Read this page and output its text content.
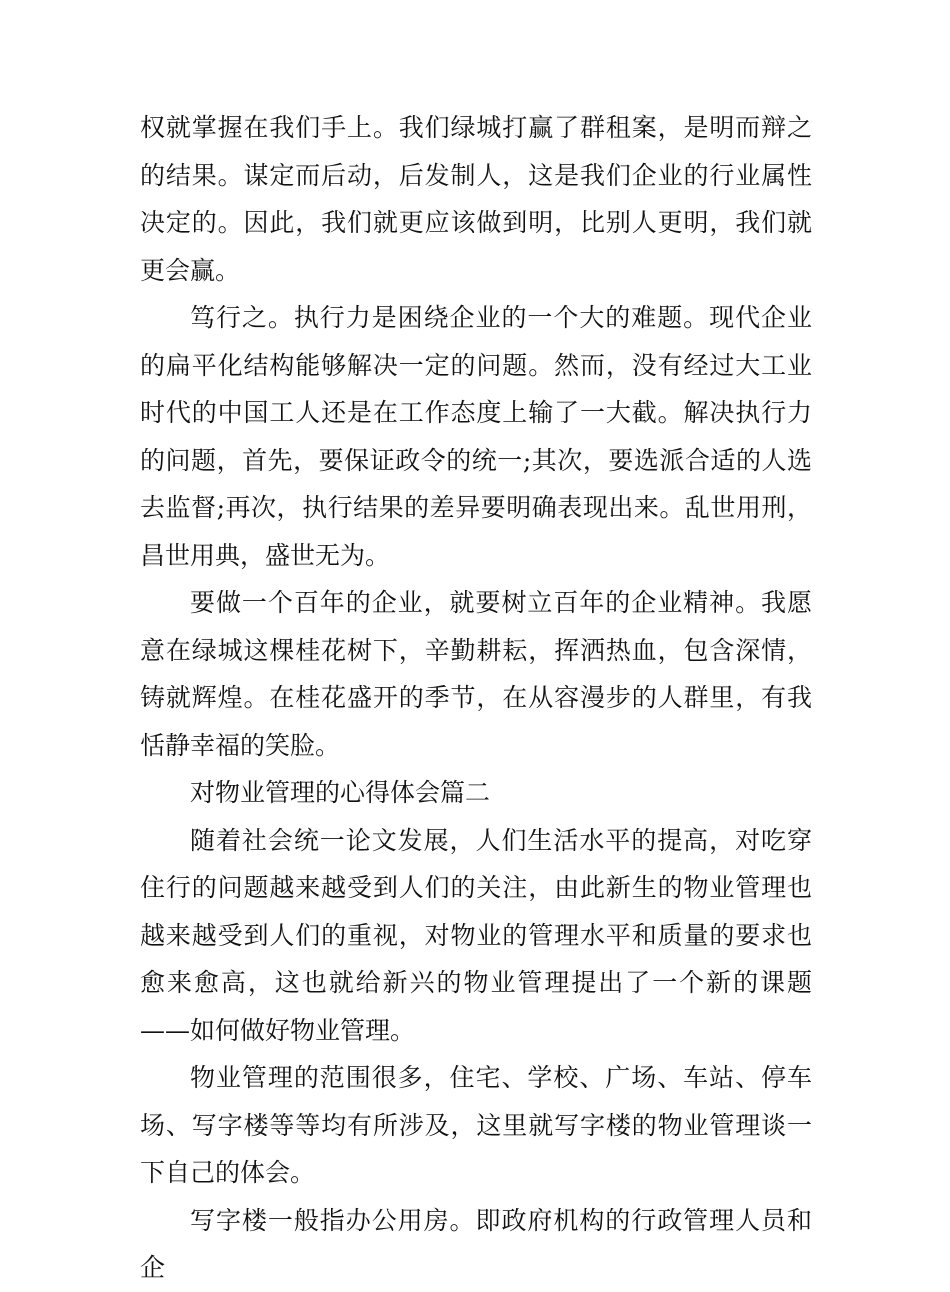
权就掌握在我们手上。我们绿城打赢了群租案，是明而辩之的结果。谋定而后动，后发制人，这是我们企业的行业属性决定的。因此，我们就更应该做到明，比别人更明，我们就更会赢。

笃行之。执行力是困绕企业的一个大的难题。现代企业的扁平化结构能够解决一定的问题。然而，没有经过大工业时代的中国工人还是在工作态度上输了一大截。解决执行力的问题，首先，要保证政令的统一;其次，要选派合适的人选去监督;再次，执行结果的差异要明确表现出来。乱世用刑，昌世用典，盛世无为。

要做一个百年的企业，就要树立百年的企业精神。我愿意在绿城这棵桂花树下，辛勤耕耘，挥洒热血，包含深情，铸就辉煌。在桂花盛开的季节，在从容漫步的人群里，有我恬静幸福的笑脸。

对物业管理的心得体会篇二

随着社会统一论文发展，人们生活水平的提高，对吃穿住行的问题越来越受到人们的关注，由此新生的物业管理也越来越受到人们的重视，对物业的管理水平和质量的要求也愈来愈高，这也就给新兴的物业管理提出了一个新的课题——如何做好物业管理。

物业管理的范围很多，住宅、学校、广场、车站、停车场、写字楼等等均有所涉及，这里就写字楼的物业管理谈一下自己的体会。

写字楼一般指办公用房。即政府机构的行政管理人员和企
